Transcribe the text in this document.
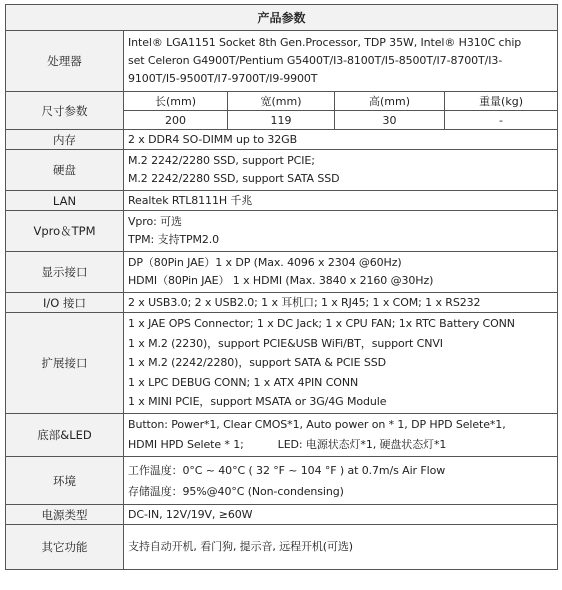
产品参数				
处理器	Intel® LGA1151 Socket 8th Gen.Processor, TDP 35W, Intel® H310C chip
set Celeron G4900T/Pentium G5400T/I3-8100T/I5-8500T/I7-8700T/I3-
9100T/I5-9500T/I7-9700T/I9-9900T			

尺寸参数	长(mm)	宽(mm)	高(mm)	重量(kg)
	200	119	30	-
内存	2 x DDR4 SO-DIMM up to 32GB			

硬盘	M.2 2242/2280 SSD, support PCIE;
M.2 2242/2280 SSD, support SATA SSD			

LAN	Realtek RTL8111H 千兆			

Vpro＆TPM	Vpro: 可选
TPM: 支持TPM2.0			

显示接口	DP（80Pin JAE）1 x DP (Max. 4096 x 2304 @60Hz)
HDMI（80Pin JAE） 1 x HDMI (Max. 3840 x 2160 @30Hz)			

I/O 接口	2 x USB3.0; 2 x USB2.0; 1 x 耳机口; 1 x RJ45; 1 x COM; 1 x RS232			

扩展接口	1 x JAE OPS Connector; 1 x DC Jack; 1 x CPU FAN; 1x RTC Battery CONN
1 x M.2 (2230)，support PCIE&USB WiFi/BT，support CNVI
1 x M.2 (2242/2280)，support SATA & PCIE SSD
1 x LPC DEBUG CONN; 1 x ATX 4PIN CONN
1 x MINI PCIE，support MSATA or 3G/4G Module			

底部&LED	Button: Power*1, Clear CMOS*1, Auto power on * 1, DP HPD Selete*1,
HDMI HPD Selete * 1;          LED: 电源状态灯*1, 硬盘状态灯*1			

环境	工作温度：0°C ~ 40°C ( 32 °F ~ 104 °F ) at 0.7m/s Air Flow
存储温度：95%@40°C (Non-condensing)			

电源类型	DC-IN, 12V/19V, ≥60W			

其它功能	支持自动开机, 看门狗, 提示音, 远程开机(可选)			
